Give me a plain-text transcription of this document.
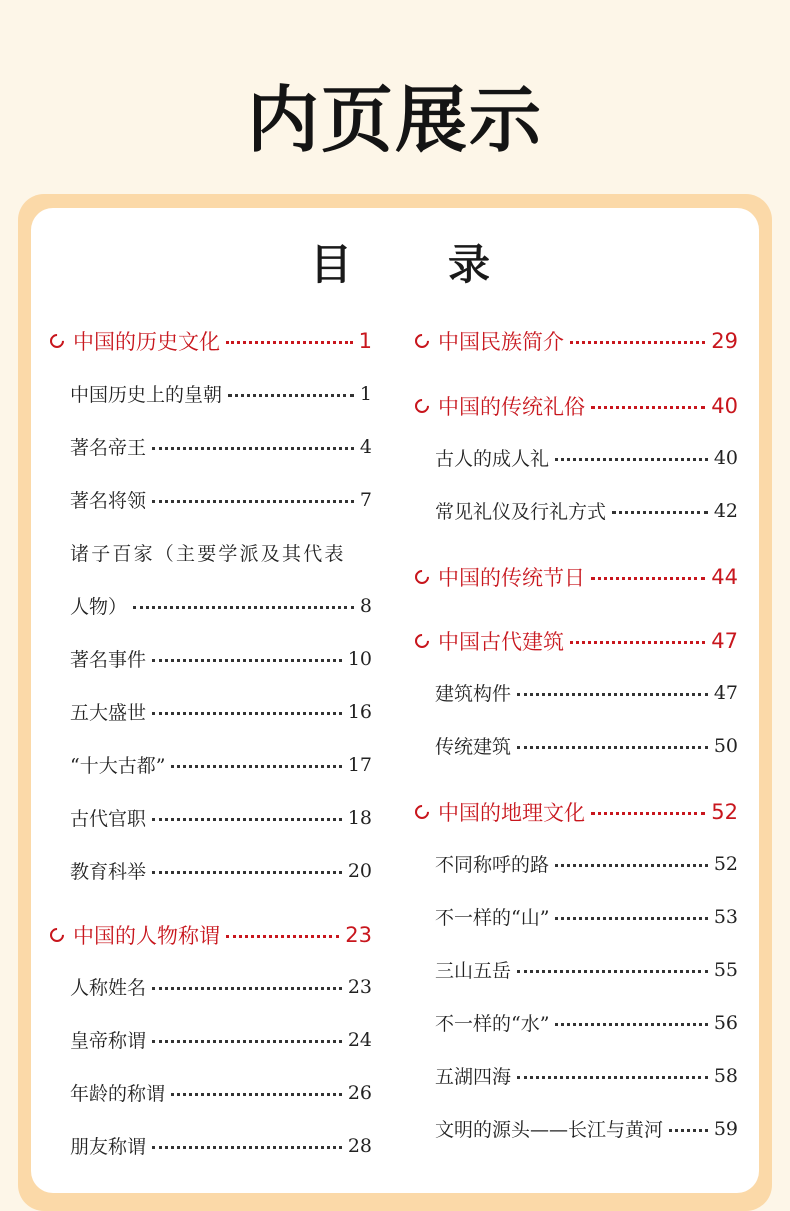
内页展示
目 录
中国的历史文化	1
中国历史上的皇朝	1
著名帝王	4
著名将领	7
诸子百家（主要学派及其代表
人物）	8
著名事件	10
五大盛世	16
“十大古都”	17
古代官职	18
教育科举	20
中国的人物称谓	23
人称姓名	23
皇帝称谓	24
年龄的称谓	26
朋友称谓	28
中国民族简介	29
中国的传统礼俗	40
古人的成人礼	40
常见礼仪及行礼方式	42
中国的传统节日	44
中国古代建筑	47
建筑构件	47
传统建筑	50
中国的地理文化	52
不同称呼的路	52
不一样的“山”	53
三山五岳	55
不一样的“水”	56
五湖四海	58
文明的源头——长江与黄河	59
